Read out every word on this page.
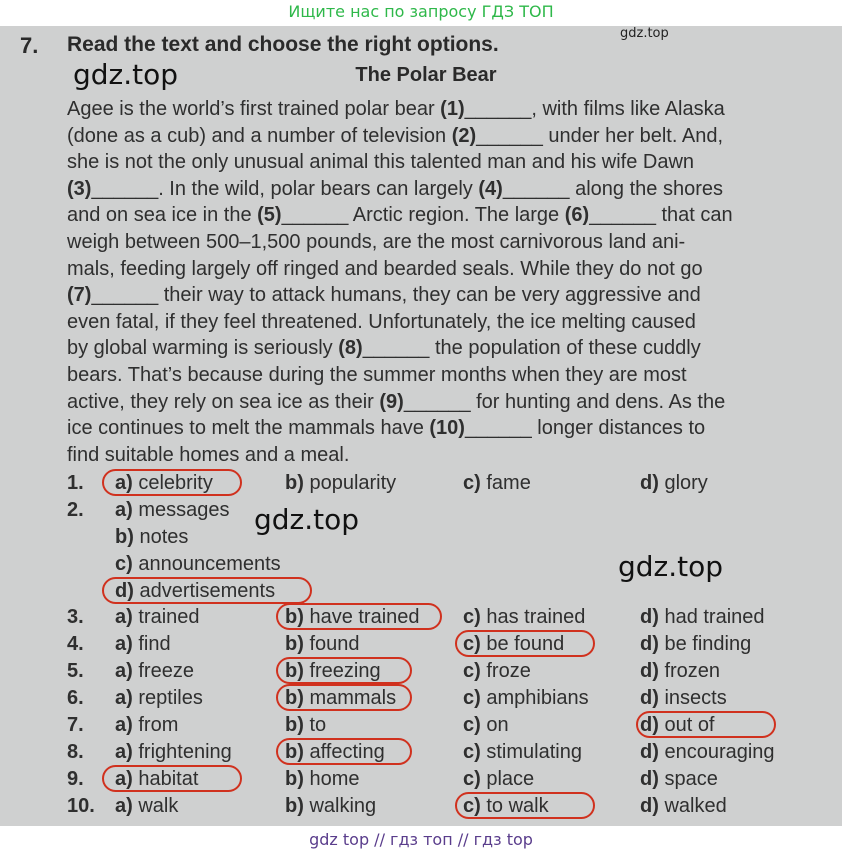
Ищите нас по запросу ГДЗ ТОП
gdz.top
7. Read the text and choose the right options.
The Polar Bear
Agee is the world’s first trained polar bear (1)______, with films like Alaska
(done as a cub) and a number of television (2)______ under her belt. And,
she is not the only unusual animal this talented man and his wife Dawn
(3)______. In the wild, polar bears can largely (4)______ along the shores
and on sea ice in the (5)______ Arctic region. The large (6)______ that can
weigh between 500–1,500 pounds, are the most carnivorous land ani-
mals, feeding largely off ringed and bearded seals. While they do not go
(7)______ their way to attack humans, they can be very aggressive and
even fatal, if they feel threatened. Unfortunately, the ice melting caused
by global warming is seriously (8)______ the population of these cuddly
bears. That’s because during the summer months when they are most
active, they rely on sea ice as their (9)______ for hunting and dens. As the
ice continues to melt the mammals have (10)______ longer distances to
find suitable homes and a meal.
1.	a) celebrity	b) popularity	c) fame	d) glory
2.	a) messages
b) notes
c) announcements
d) advertisements
3.	a) trained	b) have trained c) has trained	d) had trained
4.	a) find	b) found	c) be found	d) be finding
5.	a) freeze	b) freezing	c) froze	d) frozen
6.	a) reptiles	b) mammals	c) amphibians	d) insects
7.	a) from	b) to	c) on	d) out of
8.	a) frightening	b) affecting	c) stimulating	d) encouraging
9.	a) habitat	b) home	c) place	d) space
10.	a) walk	b) walking	c) to walk	d) walked
gdz.top
gdz.top
gdz.top
gdz top // гдз топ // гдз top
